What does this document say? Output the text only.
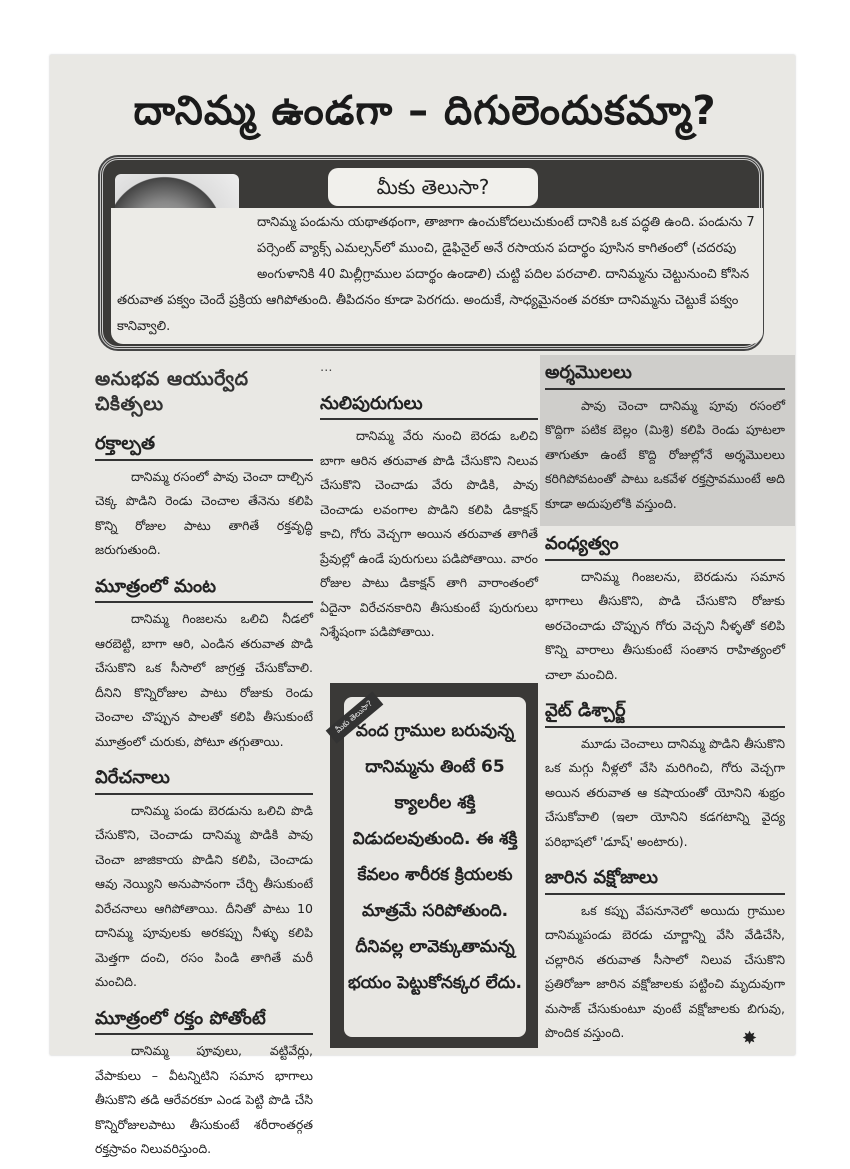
దానిమ్మ ఉండగా – దిగులెందుకమ్మా?
మీకు తెలుసా?
దానిమ్మ పండును యథాతథంగా, తాజాగా ఉంచుకోదలుచుకుంటే దానికి ఒక పద్ధతి ఉంది. పండును 7 పర్సెంట్ వ్యాక్స్ ఎమల్సన్‌లో ముంచి, డైఫినైల్ అనే రసాయన పదార్థం పూసిన కాగితంలో (చదరపు అంగుళానికి 40 మిల్లీగ్రాముల పదార్థం ఉండాలి) చుట్టి పదిల పరచాలి. దానిమ్మను చెట్టునుంచి కోసిన తరువాత పక్వం చెందే ప్రక్రియ ఆగిపోతుంది. తీపిదనం కూడా పెరగదు. అందుకే, సాధ్యమైనంత వరకూ దానిమ్మను చెట్టుకే పక్వం కానివ్వాలి.
అనుభవ ఆయుర్వేద చికిత్సలు
రక్తాల్పత

దానిమ్మ రసంలో పావు చెంచా దాల్చిన చెక్క పొడిని రెండు చెంచాల తేనెను కలిపి కొన్ని రోజుల పాటు తాగితే రక్తవృద్ధి జరుగుతుంది.

మూత్రంలో మంట

దానిమ్మ గింజలను ఒలిచి నీడలో ఆరబెట్టి, బాగా ఆరి, ఎండిన తరువాత పొడి చేసుకొని ఒక సీసాలో జాగ్రత్త చేసుకోవాలి. దీనిని కొన్నిరోజుల పాటు రోజుకు రెండు చెంచాల చొప్పున పాలతో కలిపి తీసుకుంటే మూత్రంలో చురుకు, పోటూ తగ్గుతాయి.

విరేచనాలు

దానిమ్మ పండు బెరడును ఒలిచి పొడి చేసుకొని, చెంచాడు దానిమ్మ పొడికి పావు చెంచా జాజికాయ పొడిని కలిపి, చెంచాడు ఆవు నెయ్యిని అనుపానంగా చేర్చి తీసుకుంటే విరేచనాలు ఆగిపోతాయి. దీనితో పాటు 10 దానిమ్మ పూవులకు అరకప్పు నీళ్ళు కలిపి మెత్తగా దంచి, రసం పిండి తాగితే మరీ మంచిది.

మూత్రంలో రక్తం పోతోంటే

దానిమ్మ పూవులు, వట్టివేర్లు, వేపాకులు – వీటన్నిటిని సమాన భాగాలు తీసుకొని తడి ఆరేవరకూ ఎండ పెట్టి పొడి చేసి కొన్నిరోజులపాటు తీసుకుంటే శరీరాంతర్గత రక్తస్రావం నిలువరిస్తుంది.

…

నులిపురుగులు

దానిమ్మ వేరు నుంచి బెరడు ఒలిచి బాగా ఆరిన తరువాత పొడి చేసుకొని నిలువ చేసుకొని చెంచాడు వేరు పొడికి, పావు చెంచాడు లవంగాల పొడిని కలిపి డికాక్షన్ కాచి, గోరు వెచ్చగా అయిన తరువాత తాగితే ప్రేవుల్లో ఉండే పురుగులు పడిపోతాయి. వారం రోజుల పాటు డికాక్షన్ తాగి వారాంతంలో ఏదైనా విరేచనకారిని తీసుకుంటే పురుగులు నిశ్శేషంగా పడిపోతాయి.

వంద గ్రాముల బరువున్న దానిమ్మను తింటే 65 క్యాలరీల శక్తి విడుదలవుతుంది. ఈ శక్తి కేవలం శారీరక క్రియలకు మాత్రమే సరిపోతుంది. దీనివల్ల లావెక్కుతామన్న భయం పెట్టుకోనక్కర లేదు.
మీకు తెలుసా?
అర్శమొలలు

పావు చెంచా దానిమ్మ పూవు రసంలో కొద్దిగా పటిక బెల్లం (మిశ్రి) కలిపి రెండు పూటలా తాగుతూ ఉంటే కొద్ది రోజుల్లోనే అర్శమొలలు కరిగిపోవటంతో పాటు ఒకవేళ రక్తస్రావముంటే అది కూడా అదుపులోకి వస్తుంది.

వంధ్యత్వం

దానిమ్మ గింజలను, బెరడును సమాన భాగాలు తీసుకొని, పొడి చేసుకొని రోజుకు అరచెంచాడు చొప్పున గోరు వెచ్చని నీళ్ళతో కలిపి కొన్ని వారాలు తీసుకుంటే సంతాన రాహిత్యంలో చాలా మంచిది.

వైట్ డిశ్చార్జ్

మూడు చెంచాలు దానిమ్మ పొడిని తీసుకొని ఒక మగ్గు నీళ్లలో వేసి మరిగించి, గోరు వెచ్చగా అయిన తరువాత ఆ కషాయంతో యోనిని శుభ్రం చేసుకోవాలి (ఇలా యోనిని కడగటాన్ని వైద్య పరిభాషలో 'డూష్' అంటారు).

జారిన వక్షోజాలు

ఒక కప్పు వేపనూనెలో అయిదు గ్రాముల దానిమ్మపండు బెరడు చూర్ణాన్ని వేసి వేడిచేసి, చల్లారిన తరువాత సీసాలో నిలువ చేసుకొని ప్రతిరోజూ జారిన వక్షోజాలకు పట్టించి మృదువుగా మసాజ్ చేసుకుంటూ వుంటే వక్షోజాలకు బిగువు, పొందిక వస్తుంది.	✸
